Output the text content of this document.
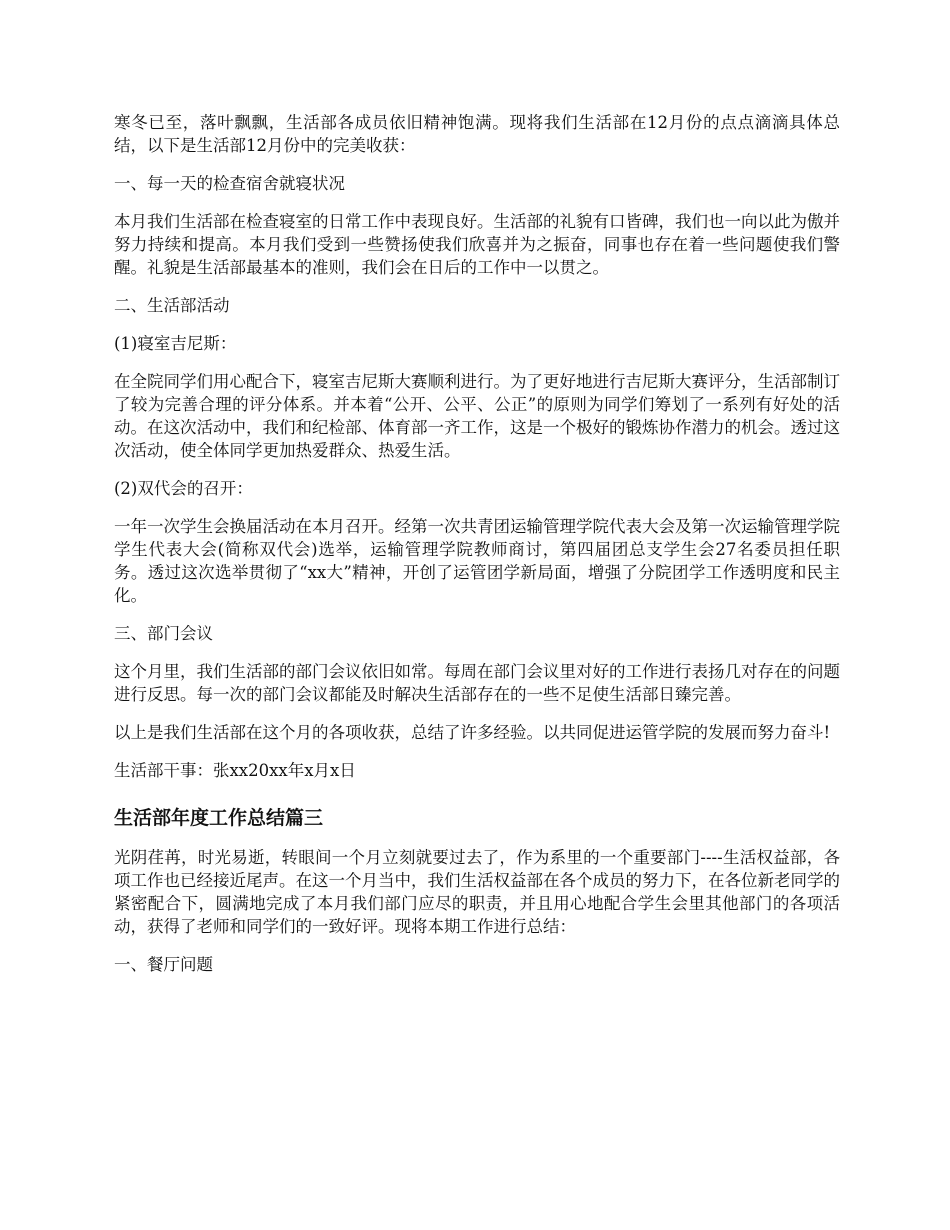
寒冬已至，落叶飘飘，生活部各成员依旧精神饱满。现将我们生活部在12月份的点点滴滴具体总结，以下是生活部12月份中的完美收获：

一、每一天的检查宿舍就寝状况

本月我们生活部在检查寝室的日常工作中表现良好。生活部的礼貌有口皆碑，我们也一向以此为傲并努力持续和提高。本月我们受到一些赞扬使我们欣喜并为之振奋，同事也存在着一些问题使我们警醒。礼貌是生活部最基本的准则，我们会在日后的工作中一以贯之。

二、生活部活动

(1)寝室吉尼斯：

在全院同学们用心配合下，寝室吉尼斯大赛顺利进行。为了更好地进行吉尼斯大赛评分，生活部制订了较为完善合理的评分体系。并本着“公开、公平、公正”的原则为同学们筹划了一系列有好处的活动。在这次活动中，我们和纪检部、体育部一齐工作，这是一个极好的锻炼协作潜力的机会。透过这次活动，使全体同学更加热爱群众、热爱生活。

(2)双代会的召开：

一年一次学生会换届活动在本月召开。经第一次共青团运输管理学院代表大会及第一次运输管理学院学生代表大会(简称双代会)选举，运输管理学院教师商讨，第四届团总支学生会27名委员担任职务。透过这次选举贯彻了“xx大”精神，开创了运管团学新局面，增强了分院团学工作透明度和民主化。

三、部门会议

这个月里，我们生活部的部门会议依旧如常。每周在部门会议里对好的工作进行表扬几对存在的问题进行反思。每一次的部门会议都能及时解决生活部存在的一些不足使生活部日臻完善。

以上是我们生活部在这个月的各项收获，总结了许多经验。以共同促进运管学院的发展而努力奋斗!

生活部干事：张xx20xx年x月x日

生活部年度工作总结篇三

光阴荏苒，时光易逝，转眼间一个月立刻就要过去了，作为系里的一个重要部门----生活权益部，各项工作也已经接近尾声。在这一个月当中，我们生活权益部在各个成员的努力下，在各位新老同学的紧密配合下，圆满地完成了本月我们部门应尽的职责，并且用心地配合学生会里其他部门的各项活动，获得了老师和同学们的一致好评。现将本期工作进行总结：

一、餐厅问题
